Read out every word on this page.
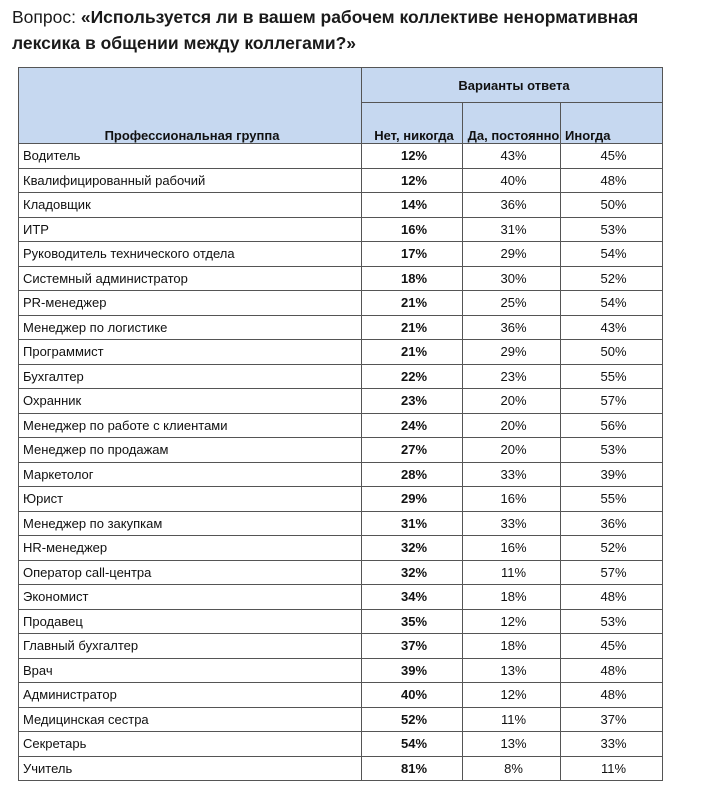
Вопрос: «Используется ли в вашем рабочем коллективе ненормативная лексика в общении между коллегами?»
Профессиональная группа	Варианты ответа		
	Нет, никогда	Да, постоянно	Иногда
Водитель	12%	43%	45%
Квалифицированный рабочий	12%	40%	48%
Кладовщик	14%	36%	50%
ИТР	16%	31%	53%
Руководитель технического отдела	17%	29%	54%
Системный администратор	18%	30%	52%
PR-менеджер	21%	25%	54%
Менеджер по логистике	21%	36%	43%
Программист	21%	29%	50%
Бухгалтер	22%	23%	55%
Охранник	23%	20%	57%
Менеджер по работе с клиентами	24%	20%	56%
Менеджер по продажам	27%	20%	53%
Маркетолог	28%	33%	39%
Юрист	29%	16%	55%
Менеджер по закупкам	31%	33%	36%
HR-менеджер	32%	16%	52%
Оператор call-центра	32%	11%	57%
Экономист	34%	18%	48%
Продавец	35%	12%	53%
Главный бухгалтер	37%	18%	45%
Врач	39%	13%	48%
Администратор	40%	12%	48%
Медицинская сестра	52%	11%	37%
Секретарь	54%	13%	33%
Учитель	81%	8%	11%
